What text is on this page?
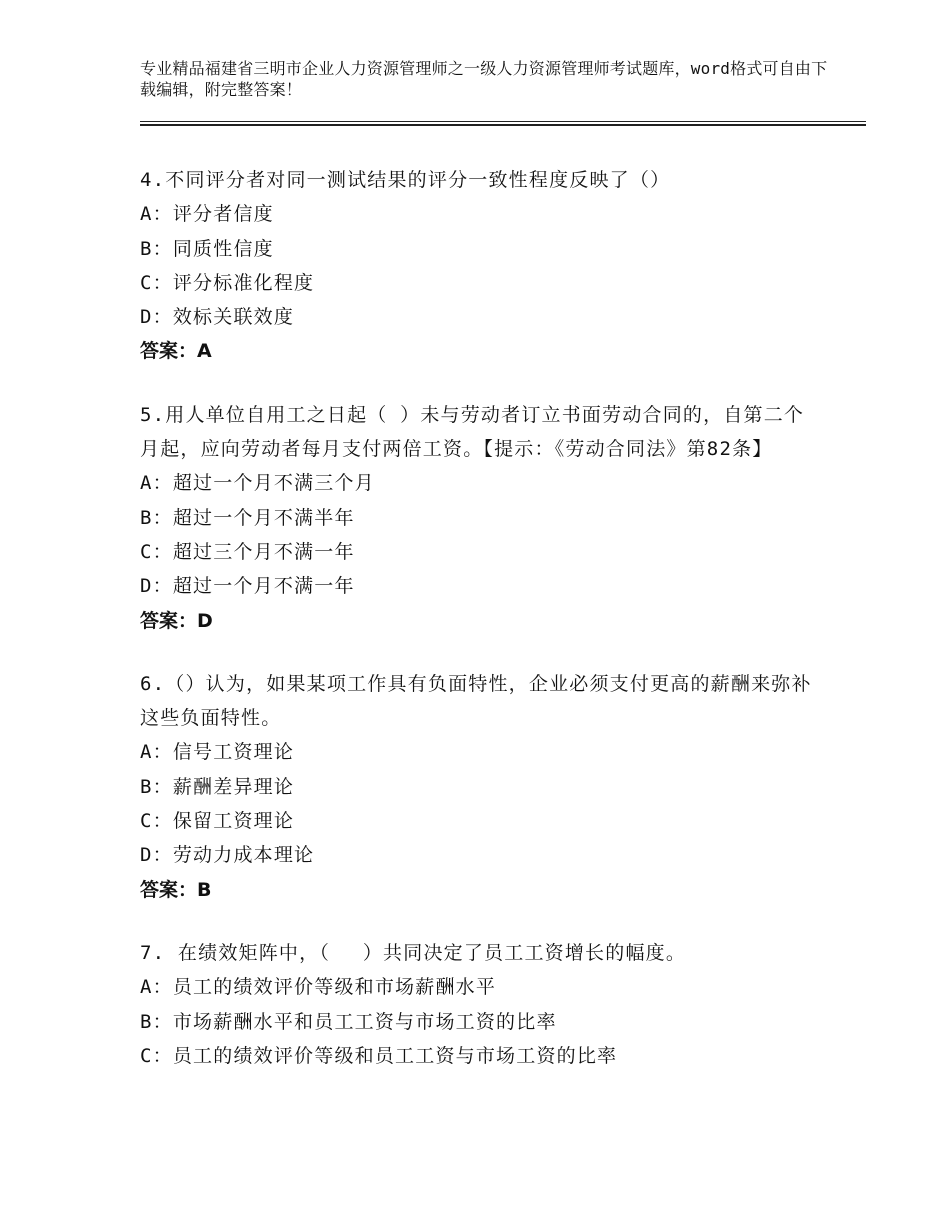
专业精品福建省三明市企业人力资源管理师之一级人力资源管理师考试题库，word格式可自由下载编辑，附完整答案！

4.不同评分者对同一测试结果的评分一致性程度反映了（）

A：评分者信度

B：同质性信度

C：评分标准化程度

D：效标关联效度

答案：A

5.用人单位自用工之日起（ ）未与劳动者订立书面劳动合同的，自第二个月起，应向劳动者每月支付两倍工资。【提示：《劳动合同法》第82条】

A：超过一个月不满三个月

B：超过一个月不满半年

C：超过三个月不满一年

D：超过一个月不满一年

答案：D

6.（）认为，如果某项工作具有负面特性，企业必须支付更高的薪酬来弥补这些负面特性。

A：信号工资理论

B：薪酬差异理论

C：保留工资理论

D：劳动力成本理论

答案：B

7. 在绩效矩阵中，（　 ）共同决定了员工工资增长的幅度。

A：员工的绩效评价等级和市场薪酬水平

B：市场薪酬水平和员工工资与市场工资的比率

C：员工的绩效评价等级和员工工资与市场工资的比率
